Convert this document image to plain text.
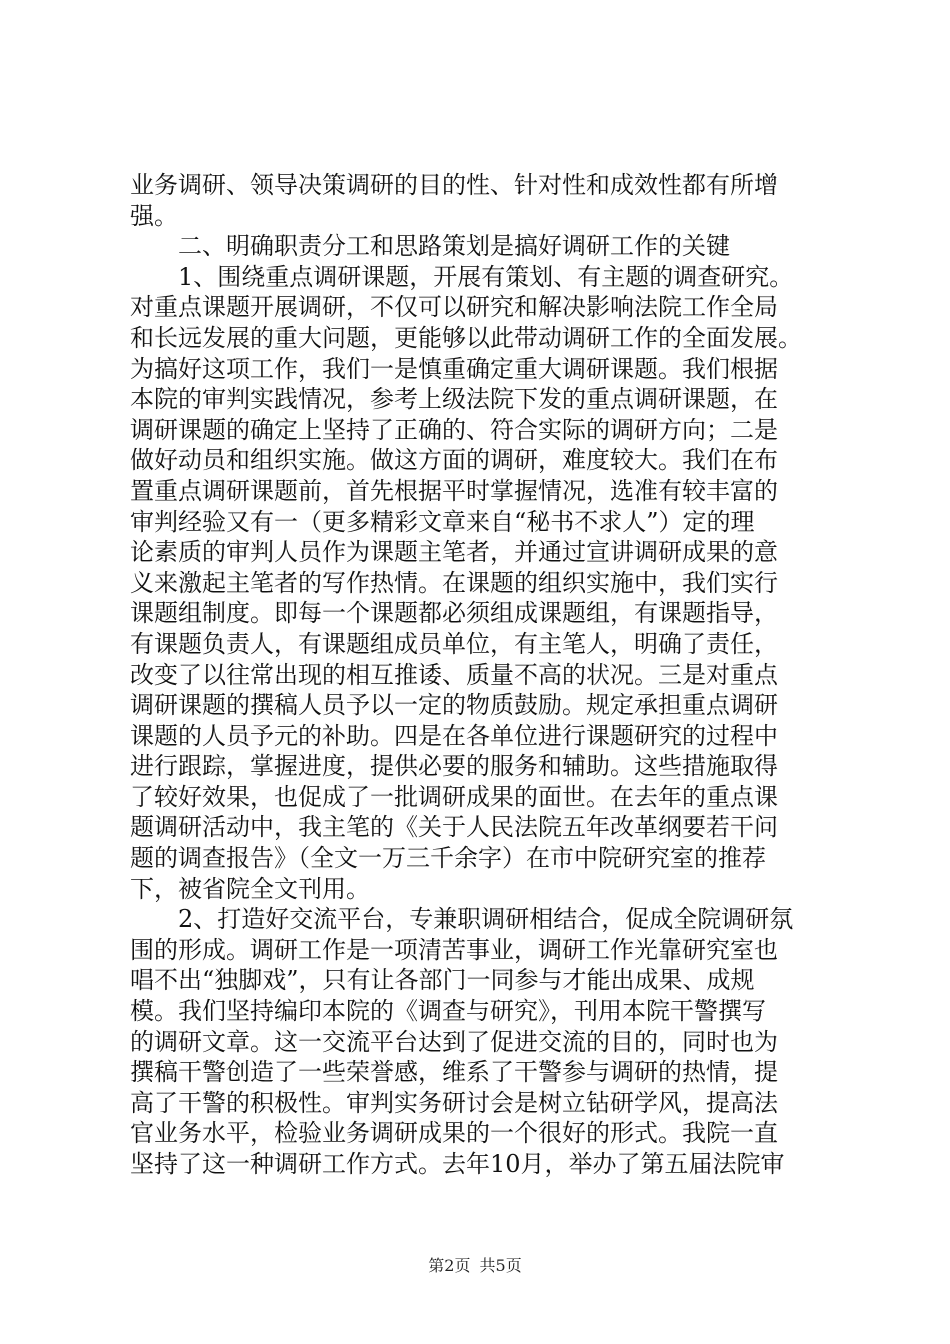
业务调研、领导决策调研的目的性、针对性和成效性都有所增
强。
　　二、明确职责分工和思路策划是搞好调研工作的关键
　　1、围绕重点调研课题，开展有策划、有主题的调查研究。
对重点课题开展调研，不仅可以研究和解决影响法院工作全局
和长远发展的重大问题，更能够以此带动调研工作的全面发展。
为搞好这项工作，我们一是慎重确定重大调研课题。我们根据
本院的审判实践情况，参考上级法院下发的重点调研课题，在
调研课题的确定上坚持了正确的、符合实际的调研方向；二是
做好动员和组织实施。做这方面的调研，难度较大。我们在布
置重点调研课题前，首先根据平时掌握情况，选准有较丰富的
审判经验又有一（更多精彩文章来自“秘书不求人”）定的理
论素质的审判人员作为课题主笔者，并通过宣讲调研成果的意
义来激起主笔者的写作热情。在课题的组织实施中，我们实行
课题组制度。即每一个课题都必须组成课题组，有课题指导，
有课题负责人，有课题组成员单位，有主笔人，明确了责任，
改变了以往常出现的相互推诿、质量不高的状况。三是对重点
调研课题的撰稿人员予以一定的物质鼓励。规定承担重点调研
课题的人员予元的补助。四是在各单位进行课题研究的过程中
进行跟踪，掌握进度，提供必要的服务和辅助。这些措施取得
了较好效果，也促成了一批调研成果的面世。在去年的重点课
题调研活动中，我主笔的《关于人民法院五年改革纲要若干问
题的调查报告》（全文一万三千余字）在市中院研究室的推荐
下，被省院全文刊用。
　　2、打造好交流平台，专兼职调研相结合，促成全院调研氛
围的形成。调研工作是一项清苦事业，调研工作光靠研究室也
唱不出“独脚戏”，只有让各部门一同参与才能出成果、成规
模。我们坚持编印本院的《调查与研究》，刊用本院干警撰写
的调研文章。这一交流平台达到了促进交流的目的，同时也为
撰稿干警创造了一些荣誉感，维系了干警参与调研的热情，提
高了干警的积极性。审判实务研讨会是树立钻研学风，提高法
官业务水平，检验业务调研成果的一个很好的形式。我院一直
坚持了这一种调研工作方式。去年10月，举办了第五届法院审
第2页 共5页
